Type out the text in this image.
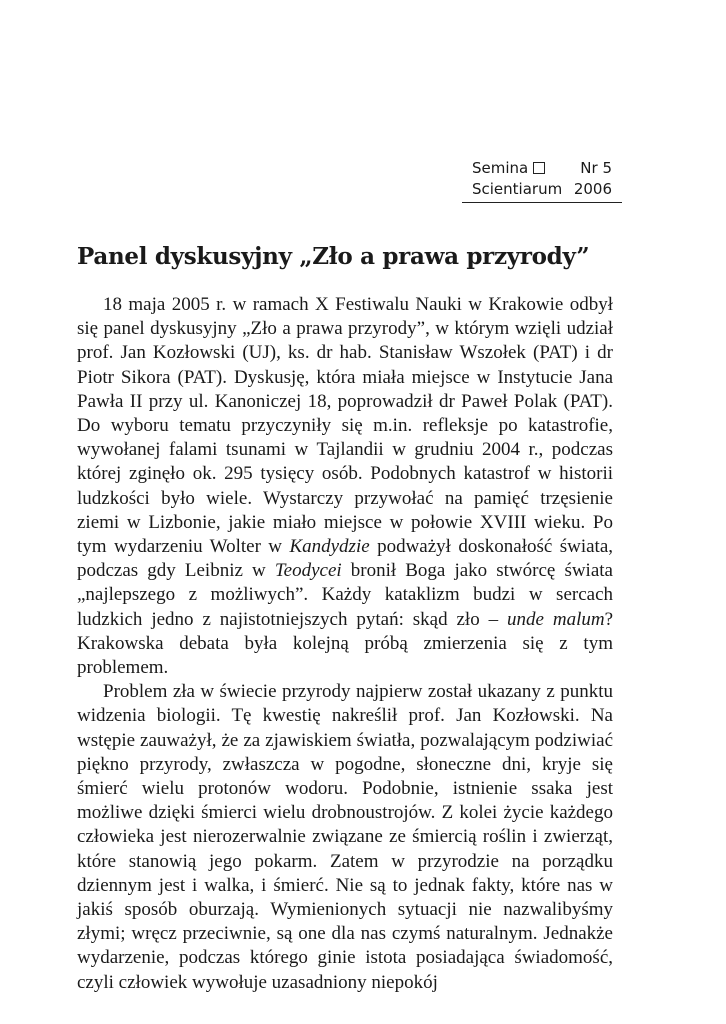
Semina	Nr 5
Scientiarum 2006
Panel dyskusyjny „Zło a prawa przyrody”

18 maja 2005 r. w ramach X Festiwalu Nauki w Krakowie odbył się panel dyskusyjny „Zło a prawa przyrody”, w którym wzięli udział prof. Jan Kozłowski (UJ), ks. dr hab. Stanisław Wszołek (PAT) i dr Piotr Sikora (PAT). Dyskusję, która miała miejsce w Instytucie Jana Pawła II przy ul. Kanoniczej 18, poprowadził dr Paweł Polak (PAT). Do wyboru tematu przyczyniły się m.in. refleksje po katastrofie, wywołanej falami tsunami w Tajlandii w grudniu 2004 r., podczas której zginęło ok. 295 tysięcy osób. Podobnych katastrof w historii ludzkości było wiele. Wystarczy przywołać na pamięć trzęsienie ziemi w Lizbonie, jakie miało miejsce w połowie XVIII wieku. Po tym wydarzeniu Wolter w Kandydzie podważył doskonałość świata, podczas gdy Leibniz w Teodycei bronił Boga jako stwórcę świata „najlepszego z możliwych”. Każdy kataklizm budzi w sercach ludzkich jedno z najistotniejszych pytań: skąd zło – unde malum? Krakowska debata była kolejną próbą zmierzenia się z tym problemem.

Problem zła w świecie przyrody najpierw został ukazany z punktu widzenia biologii. Tę kwestię nakreślił prof. Jan Kozłowski. Na wstępie zauważył, że za zjawiskiem światła, pozwalającym podziwiać piękno przyrody, zwłaszcza w pogodne, słoneczne dni, kryje się śmierć wielu protonów wodoru. Podobnie, istnienie ssaka jest możliwe dzięki śmierci wielu drobnoustrojów. Z kolei życie każdego człowieka jest nierozerwalnie związane ze śmiercią roślin i zwierząt, które stanowią jego pokarm. Zatem w przyrodzie na porządku dziennym jest i walka, i śmierć. Nie są to jednak fakty, które nas w jakiś sposób oburzają. Wymienionych sytuacji nie nazwalibyśmy złymi; wręcz przeciwnie, są one dla nas czymś naturalnym. Jednakże wydarzenie, podczas którego ginie istota posiadająca świadomość, czyli człowiek wywołuje uzasadniony niepokój
